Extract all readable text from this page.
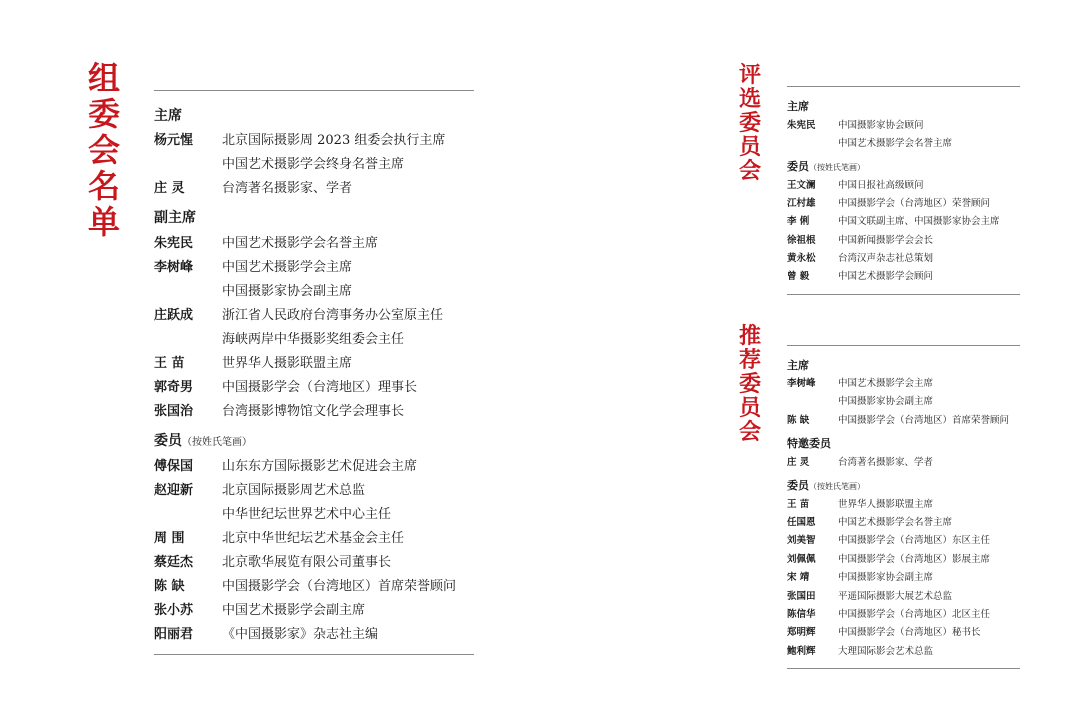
组
委
会
名
单
评
选
委
员
会
推
荐
委
员
会
主席
杨元惺 北京国际摄影周 2023 组委会执行主席
中国艺术摄影学会终身名誉主席
庄 灵	台湾著名摄影家、学者
副主席
朱宪民 中国艺术摄影学会名誉主席
李树峰 中国艺术摄影学会主席
中国摄影家协会副主席
庄跃成 浙江省人民政府台湾事务办公室原主任
海峡两岸中华摄影奖组委会主任
王 苗	世界华人摄影联盟主席
郭奇男 中国摄影学会（台湾地区）理事长
张国治 台湾摄影博物馆文化学会理事长
委员（按姓氏笔画）
傅保国 山东东方国际摄影艺术促进会主席
赵迎新 北京国际摄影周艺术总监
中华世纪坛世界艺术中心主任
周 围	北京中华世纪坛艺术基金会主任
蔡廷杰 北京歌华展览有限公司董事长
陈 缺	中国摄影学会（台湾地区）首席荣誉顾问
张小苏 中国艺术摄影学会副主席
阳丽君 《中国摄影家》杂志社主编
主席
朱宪民 中国摄影家协会顾问
中国艺术摄影学会名誉主席
委员（按姓氏笔画）
王文澜 中国日报社高级顾问
江村雄 中国摄影学会（台湾地区）荣誉顾问
李 俐	中国文联副主席、中国摄影家协会主席
徐祖根 中国新闻摄影学会会长
黄永松 台湾汉声杂志社总策划
曾 毅	中国艺术摄影学会顾问
主席
李树峰 中国艺术摄影学会主席
中国摄影家协会副主席
陈 缺	中国摄影学会（台湾地区）首席荣誉顾问
特邀委员
庄 灵	台湾著名摄影家、学者
委员（按姓氏笔画）
王 苗	世界华人摄影联盟主席
任国恩 中国艺术摄影学会名誉主席
刘美智 中国摄影学会（台湾地区）东区主任
刘佩佩 中国摄影学会（台湾地区）影展主席
宋 靖	中国摄影家协会副主席
张国田 平遥国际摄影大展艺术总监
陈信华 中国摄影学会（台湾地区）北区主任
郑明辉 中国摄影学会（台湾地区）秘书长
鲍利辉 大理国际影会艺术总监
